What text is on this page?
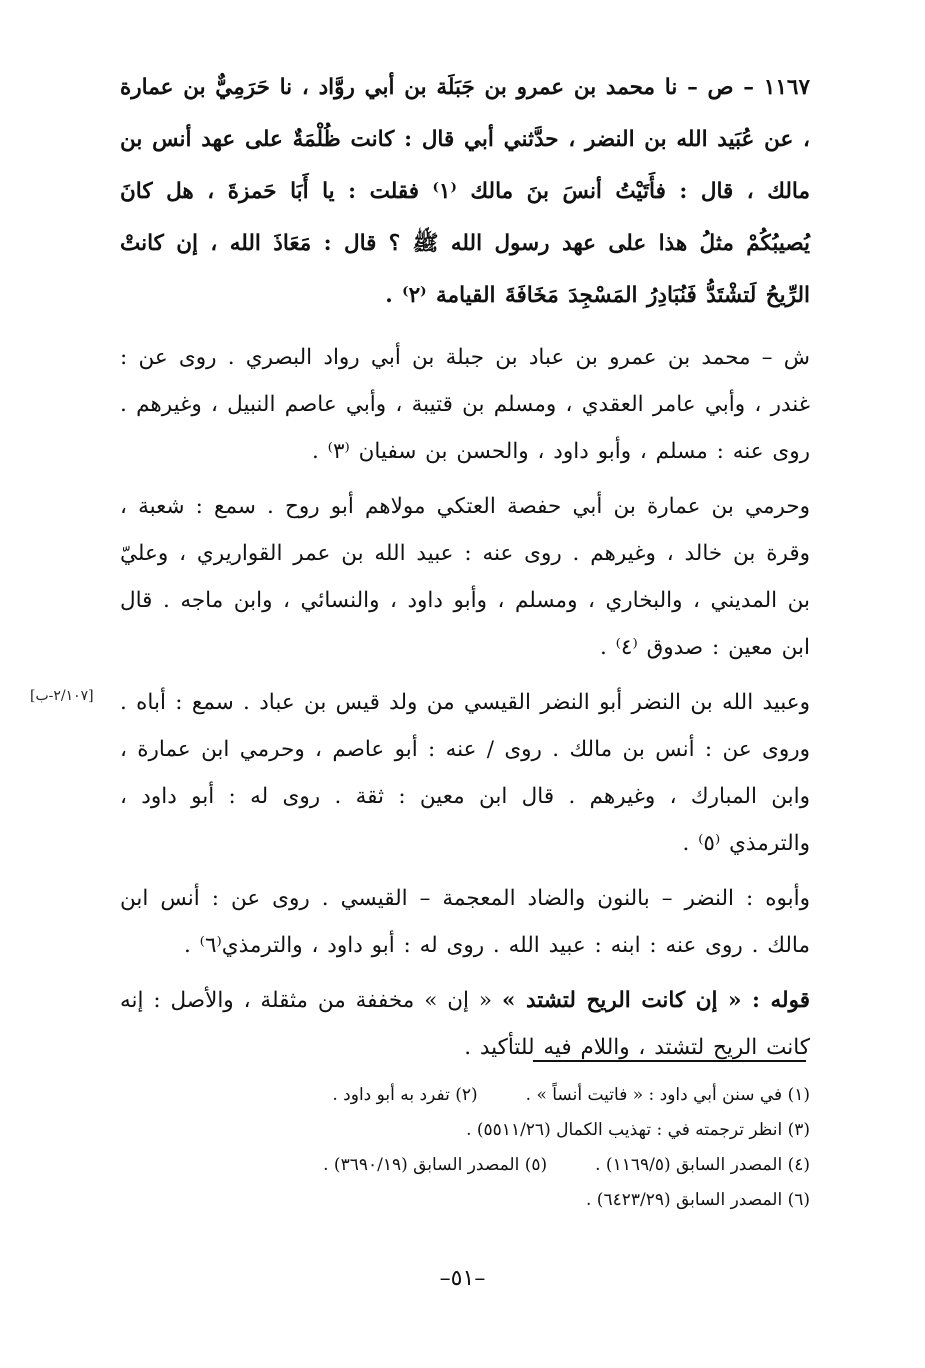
١١٦٧ – ص – نا محمد بن عمرو بن جَبَلَة بن أبي روَّاد ، نا حَرَمِيٌّ بن عمارة ، عن عُبَيد الله بن النضر ، حدَّثني أبي قال : كانت ظُلْمَةٌ على عهد أنس بن مالك ، قال : فأَتَيْتُ أنسَ بنَ مالك ⁽١⁾ فقلت : يا أَبَا حَمزةَ ، هل كانَ يُصيبُكُمْ مثلُ هذا على عهد رسول الله ﷺ ؟ قال : مَعَاذَ الله ، إن كانتْ الرِّيحُ لَتشْتَدُّ فَنُبَادِرُ المَسْجِدَ مَخَافَةَ القيامة ⁽٢⁾ .

ش – محمد بن عمرو بن عباد بن جبلة بن أبي رواد البصري . روى عن : غندر ، وأبي عامر العقدي ، ومسلم بن قتيبة ، وأبي عاصم النبيل ، وغيرهم . روى عنه : مسلم ، وأبو داود ، والحسن بن سفيان ⁽٣⁾ .

وحرمي بن عمارة بن أبي حفصة العتكي مولاهم أبو روح . سمع : شعبة ، وقرة بن خالد ، وغيرهم . روى عنه : عبيد الله بن عمر القواريري ، وعليّ بن المديني ، والبخاري ، ومسلم ، وأبو داود ، والنسائي ، وابن ماجه . قال ابن معين : صدوق ⁽٤⁾ .

وعبيد الله بن النضر أبو النضر القيسي من ولد قيس بن عباد . سمع : أباه . وروى عن : أنس بن مالك . روى / عنه : أبو عاصم ، وحرمي ابن عمارة ، وابن المبارك ، وغيرهم . قال ابن معين : ثقة . روى له : أبو داود ، والترمذي ⁽٥⁾ .

وأبوه : النضر – بالنون والضاد المعجمة – القيسي . روى عن : أنس ابن مالك . روى عنه : ابنه : عبيد الله . روى له : أبو داود ، والترمذي⁽٦⁾ .

قوله : « إن كانت الريح لتشتد » « إن » مخففة من مثقلة ، والأصل : إنه كانت الريح لتشتد ، واللام فيه للتأكيد .

[٢/١٠٧-ب]
(١) في سنن أبي داود : « فاتيت أنساً » .
(٢) تفرد به أبو داود .
(٣) انظر ترجمته في : تهذيب الكمال (٥٥١١/٢٦) .
(٤) المصدر السابق (١١٦٩/٥) .
(٥) المصدر السابق (٣٦٩٠/١٩) .
(٦) المصدر السابق (٦٤٢٣/٢٩) .
–٥١–
